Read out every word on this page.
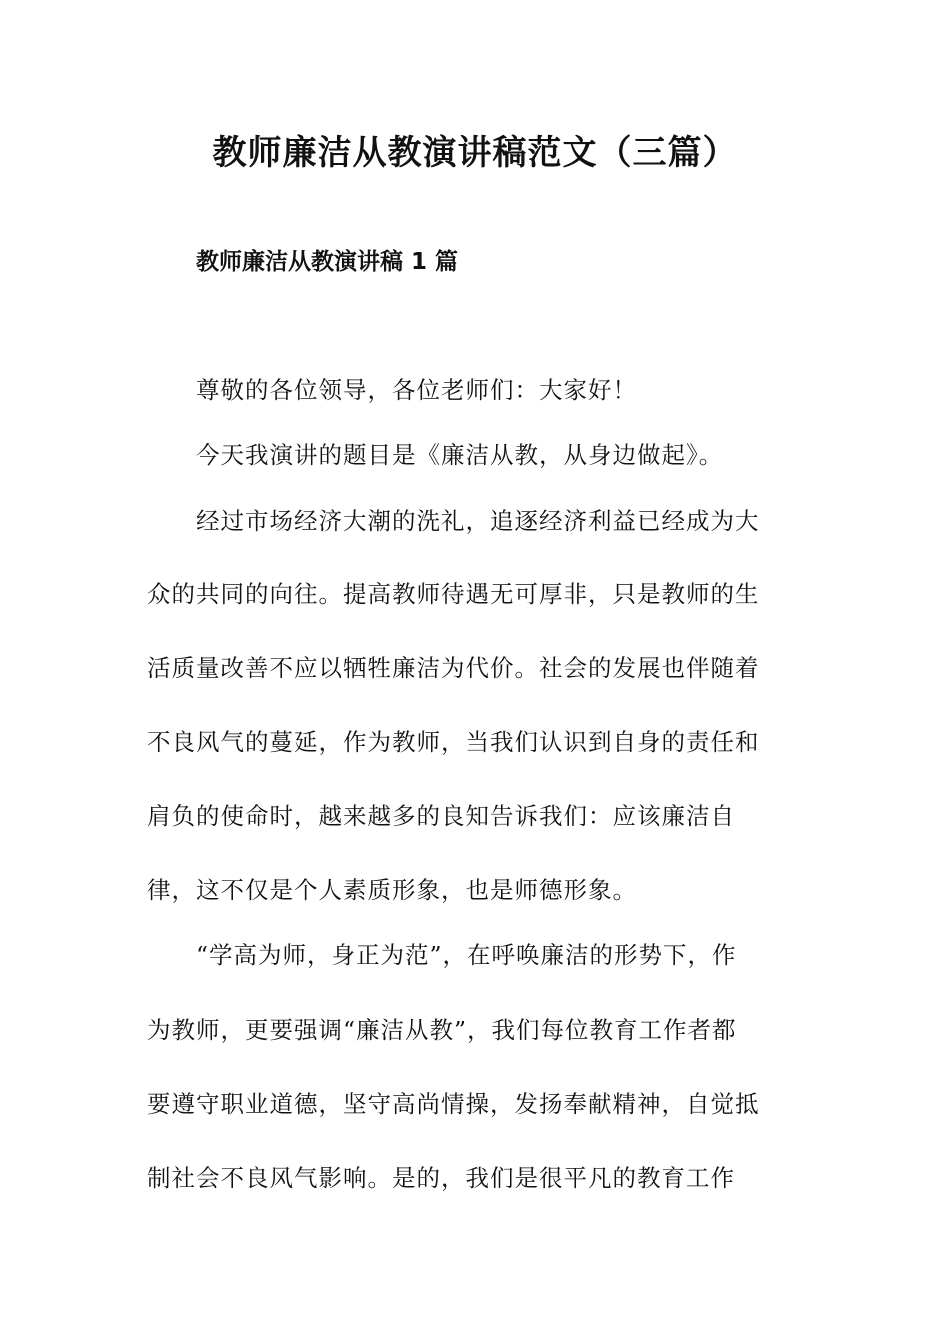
教师廉洁从教演讲稿范文（三篇）
教师廉洁从教演讲稿 1 篇
尊敬的各位领导，各位老师们：大家好！
今天我演讲的题目是《廉洁从教，从身边做起》。
经过市场经济大潮的洗礼，追逐经济利益已经成为大
众的共同的向往。提高教师待遇无可厚非，只是教师的生
活质量改善不应以牺牲廉洁为代价。社会的发展也伴随着
不良风气的蔓延，作为教师，当我们认识到自身的责任和
肩负的使命时，越来越多的良知告诉我们：应该廉洁自
律，这不仅是个人素质形象，也是师德形象。
“学高为师，身正为范”，在呼唤廉洁的形势下，作
为教师，更要强调“廉洁从教”，我们每位教育工作者都
要遵守职业道德，坚守高尚情操，发扬奉献精神，自觉抵
制社会不良风气影响。是的，我们是很平凡的教育工作
